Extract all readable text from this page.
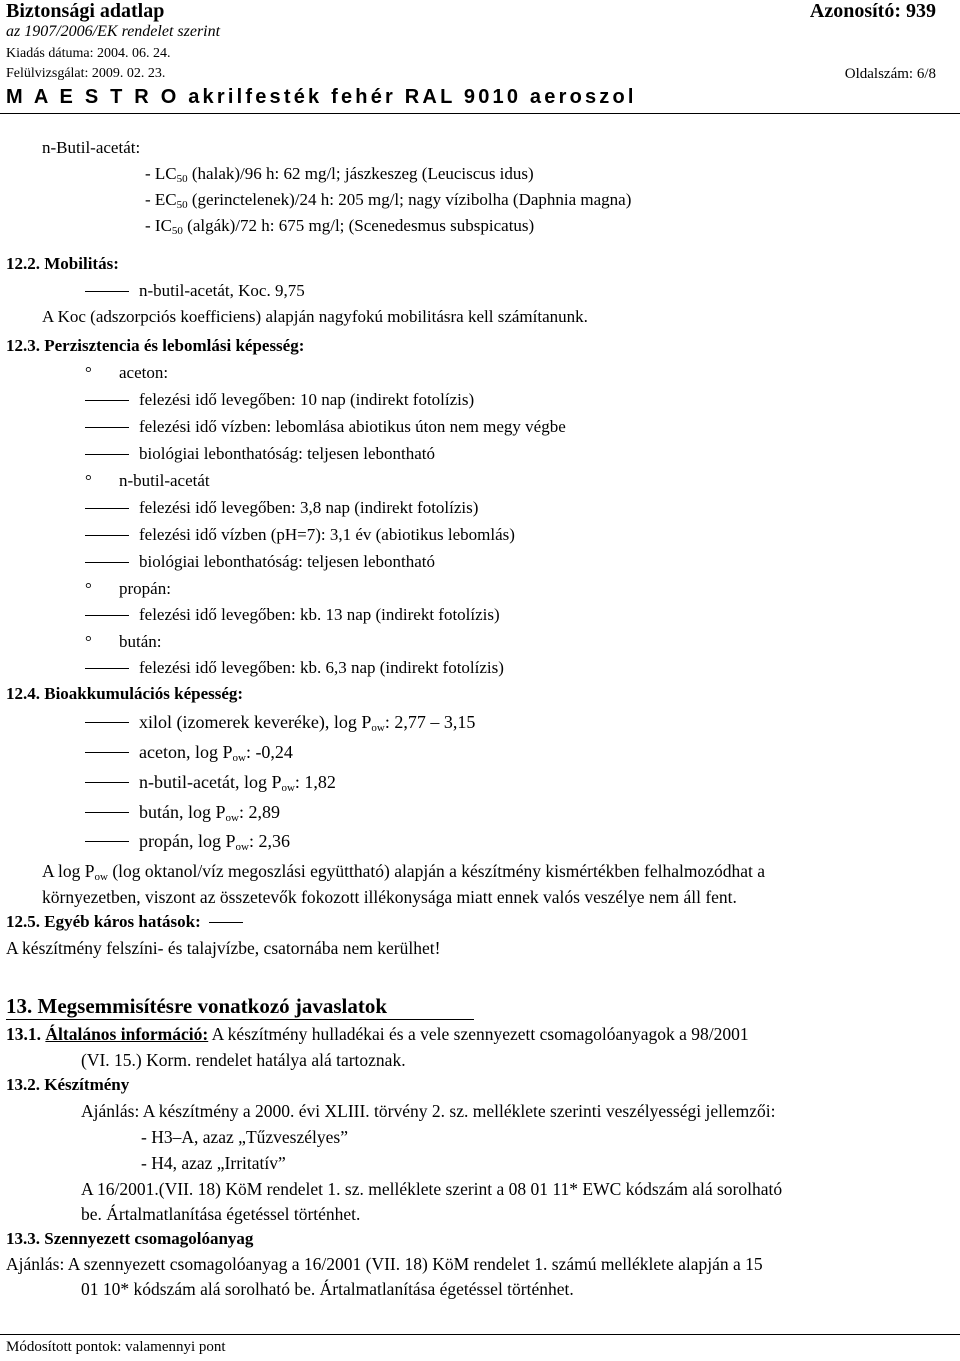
Biztonsági adatlap	Azonosító: 939
az 1907/2006/EK rendelet szerint
Kiadás dátuma: 2004. 06. 24.
Felülvizsgálat: 2009. 02. 23.	Oldalszám: 6/8
M A E S T R O akrilfesték fehér RAL 9010 aeroszol
n-Butil-acetát:
- $LC_{50}$ (halak)/96 h: 62 mg/l; jászkeszeg (Leuciscus idus)
- $EC_{50}$ (gerinctelenek)/24 h: 205 mg/l; nagy vízibolha (Daphnia magna)
- $IC_{50}$ (algák)/72 h: 675 mg/l; (Scenedesmus subspicatus)
12.2. Mobilitás:
n-butil-acetát, Koc. 9,75
A Koc (adszorpciós koefficiens) alapján nagyfokú mobilitásra kell számítanunk.
12.3. Perzisztencia és lebomlási képesség:
° aceton:
felezési idő levegőben: 10 nap (indirekt fotolízis)
felezési idő vízben: lebomlása abiotikus úton nem megy végbe
biológiai lebonthatóság: teljesen lebontható
° n-butil-acetát
felezési idő levegőben: 3,8 nap (indirekt fotolízis)
felezési idő vízben (pH=7): 3,1 év (abiotikus lebomlás)
biológiai lebonthatóság: teljesen lebontható
° propán:
felezési idő levegőben: kb. 13 nap (indirekt fotolízis)
° bután:
felezési idő levegőben: kb. 6,3 nap (indirekt fotolízis)
12.4. Bioakkumulációs képesség:
xilol (izomerek keveréke), $\log P_{ow}$: 2,77 – 3,15
aceton, $\log P_{ow}$: -0,24
n-butil-acetát, $\log P_{ow}$: 1,82
bután, $\log P_{ow}$: 2,89
propán, $\log P_{ow}$: 2,36
A $\log P_{ow}$ (log oktanol/víz megoszlási együttható) alapján a készítmény kismértékben felhalmozódhat a
környezetben, viszont az összetevők fokozott illékonysága miatt ennek valós veszélye nem áll fent.
12.5. Egyéb káros hatások:
A készítmény felszíni- és talajvízbe, csatornába nem kerülhet!
13. Megsemmisítésre vonatkozó javaslatok
13.1. Általános információ: A készítmény hulladékai és a vele szennyezett csomagolóanyagok a 98/2001
(VI. 15.) Korm. rendelet hatálya alá tartoznak.
13.2. Készítmény
Ajánlás: A készítmény a 2000. évi XLIII. törvény 2. sz. melléklete szerinti veszélyességi jellemzői:
- H3–A, azaz „Tűzveszélyes”
- H4, azaz „Irritatív”
A 16/2001.(VII. 18) KöM rendelet 1. sz. melléklete szerint a 08 01 11* EWC kódszám alá sorolható
be. Ártalmatlanítása égetéssel történhet.
13.3. Szennyezett csomagolóanyag
Ajánlás: A szennyezett csomagolóanyag a 16/2001 (VII. 18) KöM rendelet 1. számú melléklete alapján a 15
01 10* kódszám alá sorolható be. Ártalmatlanítása égetéssel történhet.
Módosított pontok: valamennyi pont
